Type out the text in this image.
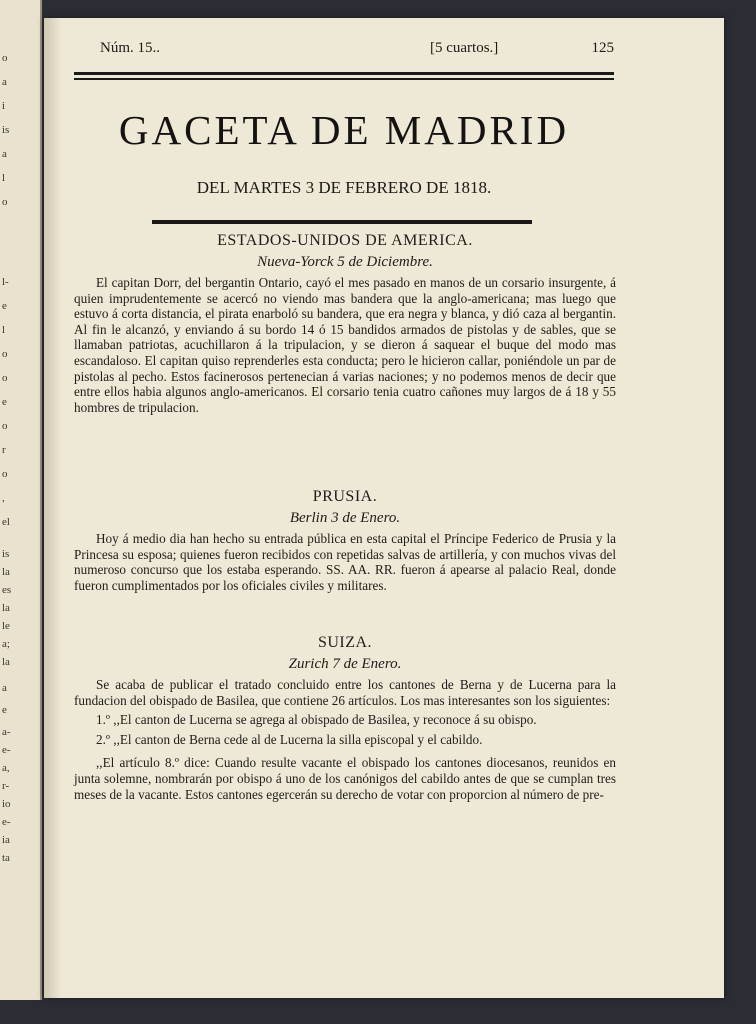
o
a
i
is
a
l
o
l-
e
l
o
o
e
o
r
o
,
el
is
la
es
la
le
a;
la
a
e
a-
e-
a,
r-
io
e-
ia
ta
Núm. 15..	[5 cuartos.]	125
GACETA DE MADRID
DEL MARTES 3 DE FEBRERO DE 1818.
ESTADOS-UNIDOS DE AMERICA.
Nueva-Yorck 5 de Diciembre.
El capitan Dorr, del bergantin Ontario, cayó el mes pasado en manos de un corsario insurgente, á quien imprudentemente se acercó no viendo mas bandera que la anglo-americana; mas luego que estuvo á corta distancia, el pirata enarboló su bandera, que era negra y blanca, y dió caza al bergantin. Al fin le alcanzó, y enviando á su bordo 14 ó 15 bandidos armados de pistolas y de sables, que se llamaban patriotas, acuchillaron á la tripulacion, y se dieron á saquear el buque del modo mas escandaloso. El capitan quiso reprenderles esta conducta; pero le hicieron callar, poniéndole un par de pistolas al pecho. Estos facinerosos pertenecian á varias naciones; y no podemos menos de decir que entre ellos habia algunos anglo-americanos. El corsario tenia cuatro cañones muy largos de á 18 y 55 hombres de tripulacion.
PRUSIA.
Berlin 3 de Enero.
Hoy á medio dia han hecho su entrada pública en esta capital el Príncipe Federico de Prusia y la Princesa su esposa; quienes fueron recibidos con repetidas salvas de artillería, y con muchos vivas del numeroso concurso que los estaba esperando. SS. AA. RR. fueron á apearse al palacio Real, donde fueron cumplimentados por los oficiales civiles y militares.
SUIZA.
Zurich 7 de Enero.
Se acaba de publicar el tratado concluido entre los cantones de Berna y de Lucerna para la fundacion del obispado de Basilea, que contiene 26 artículos. Los mas interesantes son los siguientes:
1.º ,,El canton de Lucerna se agrega al obispado de Basilea, y reconoce á su obispo.
2.º ,,El canton de Berna cede al de Lucerna la silla episcopal y el cabildo.
,,El artículo 8.º dice: Cuando resulte vacante el obispado los cantones diocesanos, reunidos en junta solemne, nombrarán por obispo á uno de los canónigos del cabildo antes de que se cumplan tres meses de la vacante. Estos cantones egercerán su derecho de votar con proporcion al número de pre-
